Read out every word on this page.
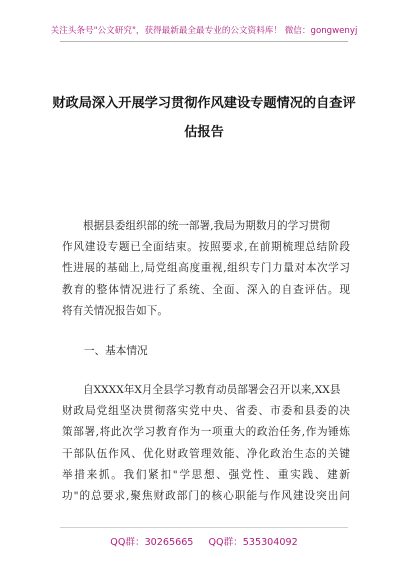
关注头条号"公文研究"，获得最新最全最专业的公文资料库！ 微信：gongwenyj
财政局深入开展学习贯彻作风建设专题情况的自查评
估报告
根据县委组织部的统一部署,我局为期数月的学习贯彻
作风建设专题已全面结束。按照要求,在前期梳理总结阶段
性进展的基础上,局党组高度重视,组织专门力量对本次学习
教育的整体情况进行了系统、全面、深入的自查评估。现
将有关情况报告如下。
一、基本情况
自XXXX年X月全县学习教育动员部署会召开以来,XX县
财政局党组坚决贯彻落实党中央、省委、市委和县委的决
策部署,将此次学习教育作为一项重大的政治任务,作为锤炼
干部队伍作风、优化财政管理效能、净化政治生态的关键
举措来抓。我们紧扣"学思想、强党性、重实践、建新
功"的总要求,聚焦财政部门的核心职能与作风建设突出问
QQ群：30265665 QQ群：535304092
